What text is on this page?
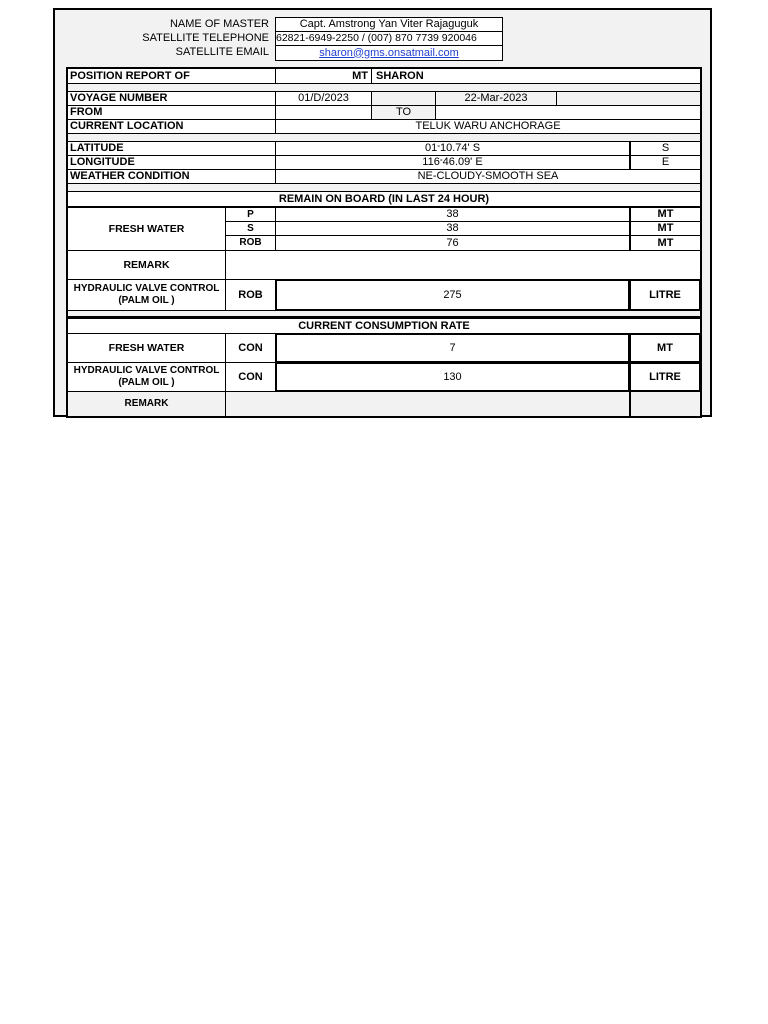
NAME OF MASTER	Capt. Amstrong Yan Viter Rajaguguk
SATELLITE TELEPHONE 62821-6949-2250 / (007) 870 7739 920046
SATELLITE EMAIL	sharon@gms.onsatmail.com
POSITION REPORT OF	MT SHARON
VOYAGE NUMBER	01/D/2023	22-Mar-2023
FROM	TO
CURRENT LOCATION	TELUK WARU ANCHORAGE
LATITUDE	01 ° 10.74' S	S
LONGITUDE	116 ° 46.09' E	E
WEATHER CONDITION	NE-CLOUDY-SMOOTH SEA
REMAIN ON BOARD (IN LAST 24 HOUR)
FRESH WATER
P	38	MT
S	38	MT
ROB	76	MT
REMARK
HYDRAULIC VALVE CONTROL
(PALM OIL )	ROB	275	LITRE
CURRENT CONSUMPTION RATE
FRESH WATER	CON	7	MT
HYDRAULIC VALVE CONTROL
(PALM OIL )	CON	130	LITRE
REMARK
